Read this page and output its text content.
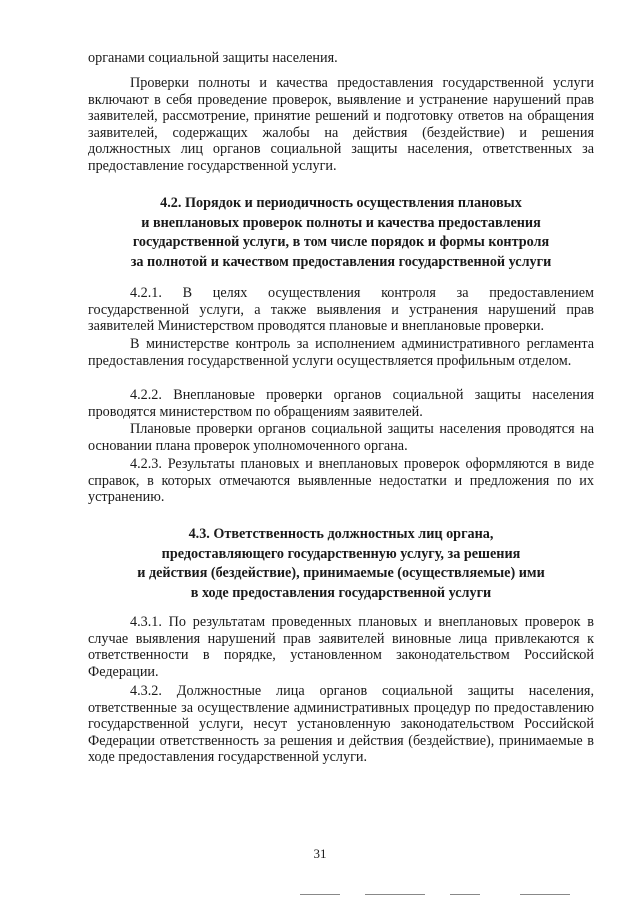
органами социальной защиты населения.

Проверки полноты и качества предоставления государственной услуги включают в себя проведение проверок, выявление и устранение нарушений прав заявителей, рассмотрение, принятие решений и подготовку ответов на обращения заявителей, содержащих жалобы на действия (бездействие) и решения должностных лиц органов социальной защиты населения, ответственных за предоставление государственной услуги.

4.2. Порядок и периодичность осуществления плановых
и внеплановых проверок полноты и качества предоставления
государственной услуги, в том числе порядок и формы контроля
за полнотой и качеством предоставления государственной услуги

4.2.1. В целях осуществления контроля за предоставлением государственной услуги, а также выявления и устранения нарушений прав заявителей Министерством проводятся плановые и внеплановые проверки.

В министерстве контроль за исполнением административного регламента предоставления государственной услуги осуществляется профильным отделом.

4.2.2. Внеплановые проверки органов социальной защиты населения проводятся министерством по обращениям заявителей.

Плановые проверки органов социальной защиты населения проводятся на основании плана проверок уполномоченного органа.

4.2.3. Результаты плановых и внеплановых проверок оформляются в виде справок, в которых отмечаются выявленные недостатки и предложения по их устранению.

4.3. Ответственность должностных лиц органа,
предоставляющего государственную услугу, за решения
и действия (бездействие), принимаемые (осуществляемые) ими
в ходе предоставления государственной услуги

4.3.1. По результатам проведенных плановых и внеплановых проверок в случае выявления нарушений прав заявителей виновные лица привлекаются к ответственности в порядке, установленном законодательством Российской Федерации.

4.3.2. Должностные лица органов социальной защиты населения, ответственные за осуществление административных процедур по предоставлению государственной услуги, несут установленную законодательством Российской Федерации ответственность за решения и действия (бездействие), принимаемые в ходе предоставления государственной услуги.

31
